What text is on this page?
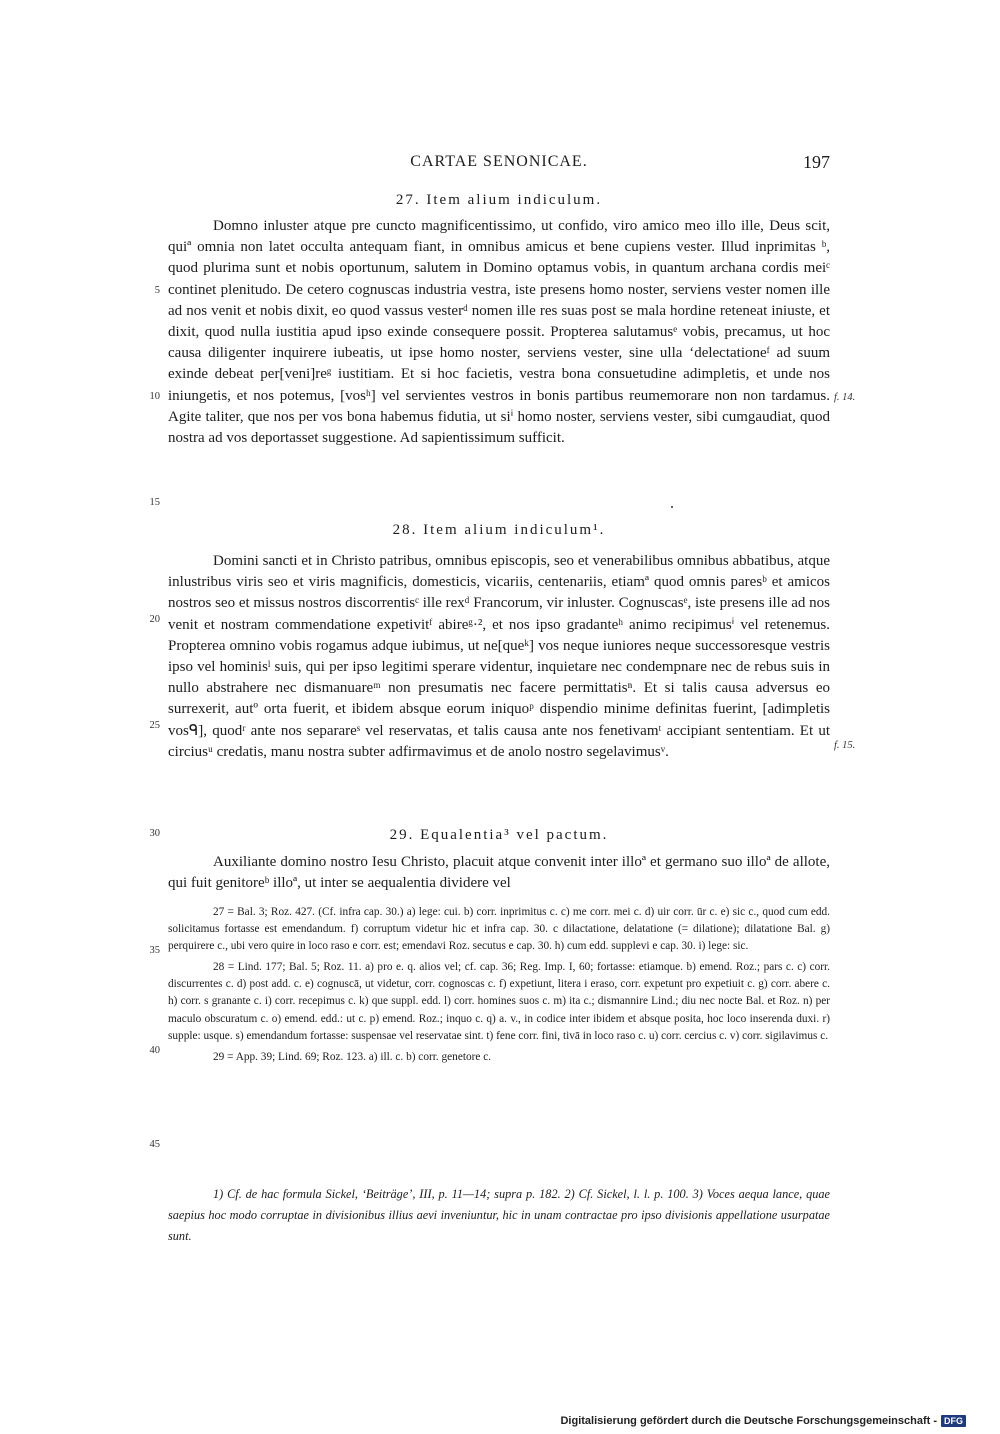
CARTAE SENONICAE.	197
27. Item alium indiculum.
Domno inluster atque pre cuncto magnificentissimo, ut confido, viro amico meo illo ille, Deus scit, quiª omnia non latet occulta antequam fiant, in omnibus amicus et bene cupiens vester. Illud inprimitas ᵇ, quod plurima sunt et nobis oportunum, salutem in Domino optamus vobis, in quantum archana cordis meiᶜ continet plenitudo. De cetero cognuscas industria vestra, iste presens homo noster, serviens vester nomen ille ad nos venit et nobis dixit, eo quod vassus vesterᵈ nomen ille res suas post se mala hordine reteneat iniuste, et dixit, quod nulla iustitia apud ipso exinde consequere possit. Propterea salutamusᵉ vobis, precamus, ut hoc causa diligenter inquirere iubeatis, ut ipse homo noster, serviens vester, sine ulla ‘delectationeᶠ ad suum exinde debeat per[veni]reᵍ iustitiam. Et si hoc facietis, vestra bona consuetudine adimpletis, et unde nos iniungetis, et nos potemus, [vosʰ] vel servientes vestros in bonis partibus reumemorare non non tardamus. Agite taliter, que nos per vos bona habemus fidutia, ut siⁱ homo noster, serviens vester, sibi cumgaudiat, quod nostra ad vos deportasset suggestione. Ad sapientissimum sufficit.
28. Item alium indiculum¹.
Domini sancti et in Christo patribus, omnibus episcopis, seo et venerabilibus omnibus abbatibus, atque inlustribus viris seo et viris magnificis, domesticis, vicariis, centenariis, etiamª quod omnis paresᵇ et amicos nostros seo et missus nostros discorrentisᶜ ille rexᵈ Francorum, vir inluster. Cognuscasᵉ, iste presens ille ad nos venit et nostram commendatione expetivitᶠ abireᵍ·², et nos ipso gradanteʰ animo recipimusⁱ vel retenemus. Propterea omnino vobis rogamus adque iubimus, ut ne[queᵏ] vos neque iuniores neque successoresque vestris ipso vel hominisˡ suis, qui per ipso legitimi sperare videntur, inquietare nec condempnare nec de rebus suis in nullo abstrahere nec dismanuareᵐ non presumatis nec facere permittatisⁿ. Et si talis causa adversus eo surrexerit, autº orta fuerit, et ibidem absque eorum iniquoᵖ dispendio minime definitas fuerint, [adimpletis vosᑫ], quodʳ ante nos separareˢ vel reservatas, et talis causa ante nos fenetivamᵗ accipiant sententiam. Et ut circiusᵘ credatis, manu nostra subter adfirmavimus et de anolo nostro segelavimusᵛ.
29. Equalentia³ vel pactum.
Auxiliante domino nostro Iesu Christo, placuit atque convenit inter illoª et germano suo illoª de allote, qui fuit genitoreᵇ illoª, ut inter se aequalentia dividere vel
5
10
15
20
25
30
35
40
45
f. 14.
f. 15.
27 = Bal. 3; Roz. 427. (Cf. infra cap. 30.) a) lege: cui. b) corr. inprimitus c. c) me corr. mei c. d) uir corr. ūr c. e) sic c., quod cum edd. solicitamus fortasse est emendandum. f) corruptum videtur hic et infra cap. 30. c dilactatione, delatatione (= dilatione); dilatatione Bal. g) perquirere c., ubi vero quire in loco raso e corr. est; emendavi Roz. secutus e cap. 30. h) cum edd. supplevi e cap. 30. i) lege: sic.
28 = Lind. 177; Bal. 5; Roz. 11. a) pro e. q. alios vel; cf. cap. 36; Reg. Imp. I, 60; fortasse: etiamque. b) emend. Roz.; pars c. c) corr. discurrentes c. d) post add. c. e) cognuscā, ut videtur, corr. cognoscas c. f) expetiunt, litera i eraso, corr. expetunt pro expetiuit c. g) corr. abere c. h) corr. s granante c. i) corr. recepimus c. k) que suppl. edd. l) corr. homines suos c. m) ita c.; dismannire Lind.; diu nec nocte Bal. et Roz. n) per maculo obscuratum c. o) emend. edd.: ut c. p) emend. Roz.; inquo c. q) a. v., in codice inter ibidem et absque posita, hoc loco inserenda duxi. r) supple: usque. s) emendandum fortasse: suspensae vel reservatae sint. t) fene corr. fini, tivā in loco raso c. u) corr. cercius c. v) corr. sigilavimus c.
29 = App. 39; Lind. 69; Roz. 123. a) ill. c. b) corr. genetore c.
1) Cf. de hac formula Sickel, ‘Beiträge’, III, p. 11—14; supra p. 182. 2) Cf. Sickel, l. l. p. 100. 3) Voces aequa lance, quae saepius hoc modo corruptae in divisionibus illius aevi inveniuntur, hic in unam contractae pro ipso divisionis appellatione usurpatae sunt.
Digitalisierung gefördert durch die Deutsche Forschungsgemeinschaft - DFG
